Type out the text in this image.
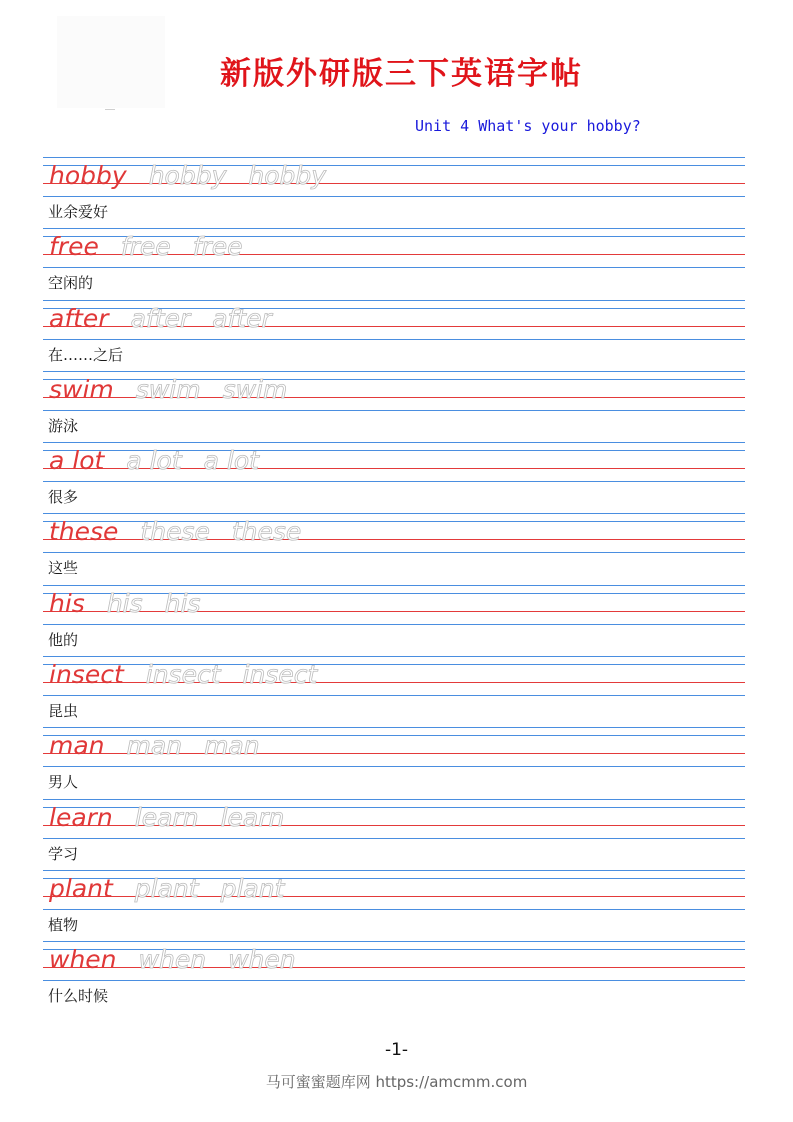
新版外研版三下英语字帖
Unit 4 What's your hobby?
hobby hobby hobby
业余爱好
free free free
空闲的
after after after
在……之后
swim swim swim
游泳
a lot a lot a lot
很多
these these these
这些
his his his
他的
insect insect insect
昆虫
man man man
男人
learn learn learn
学习
plant plant plant
植物
when when when
什么时候
-1-
马可蜜蜜题库网 https://amcmm.com
